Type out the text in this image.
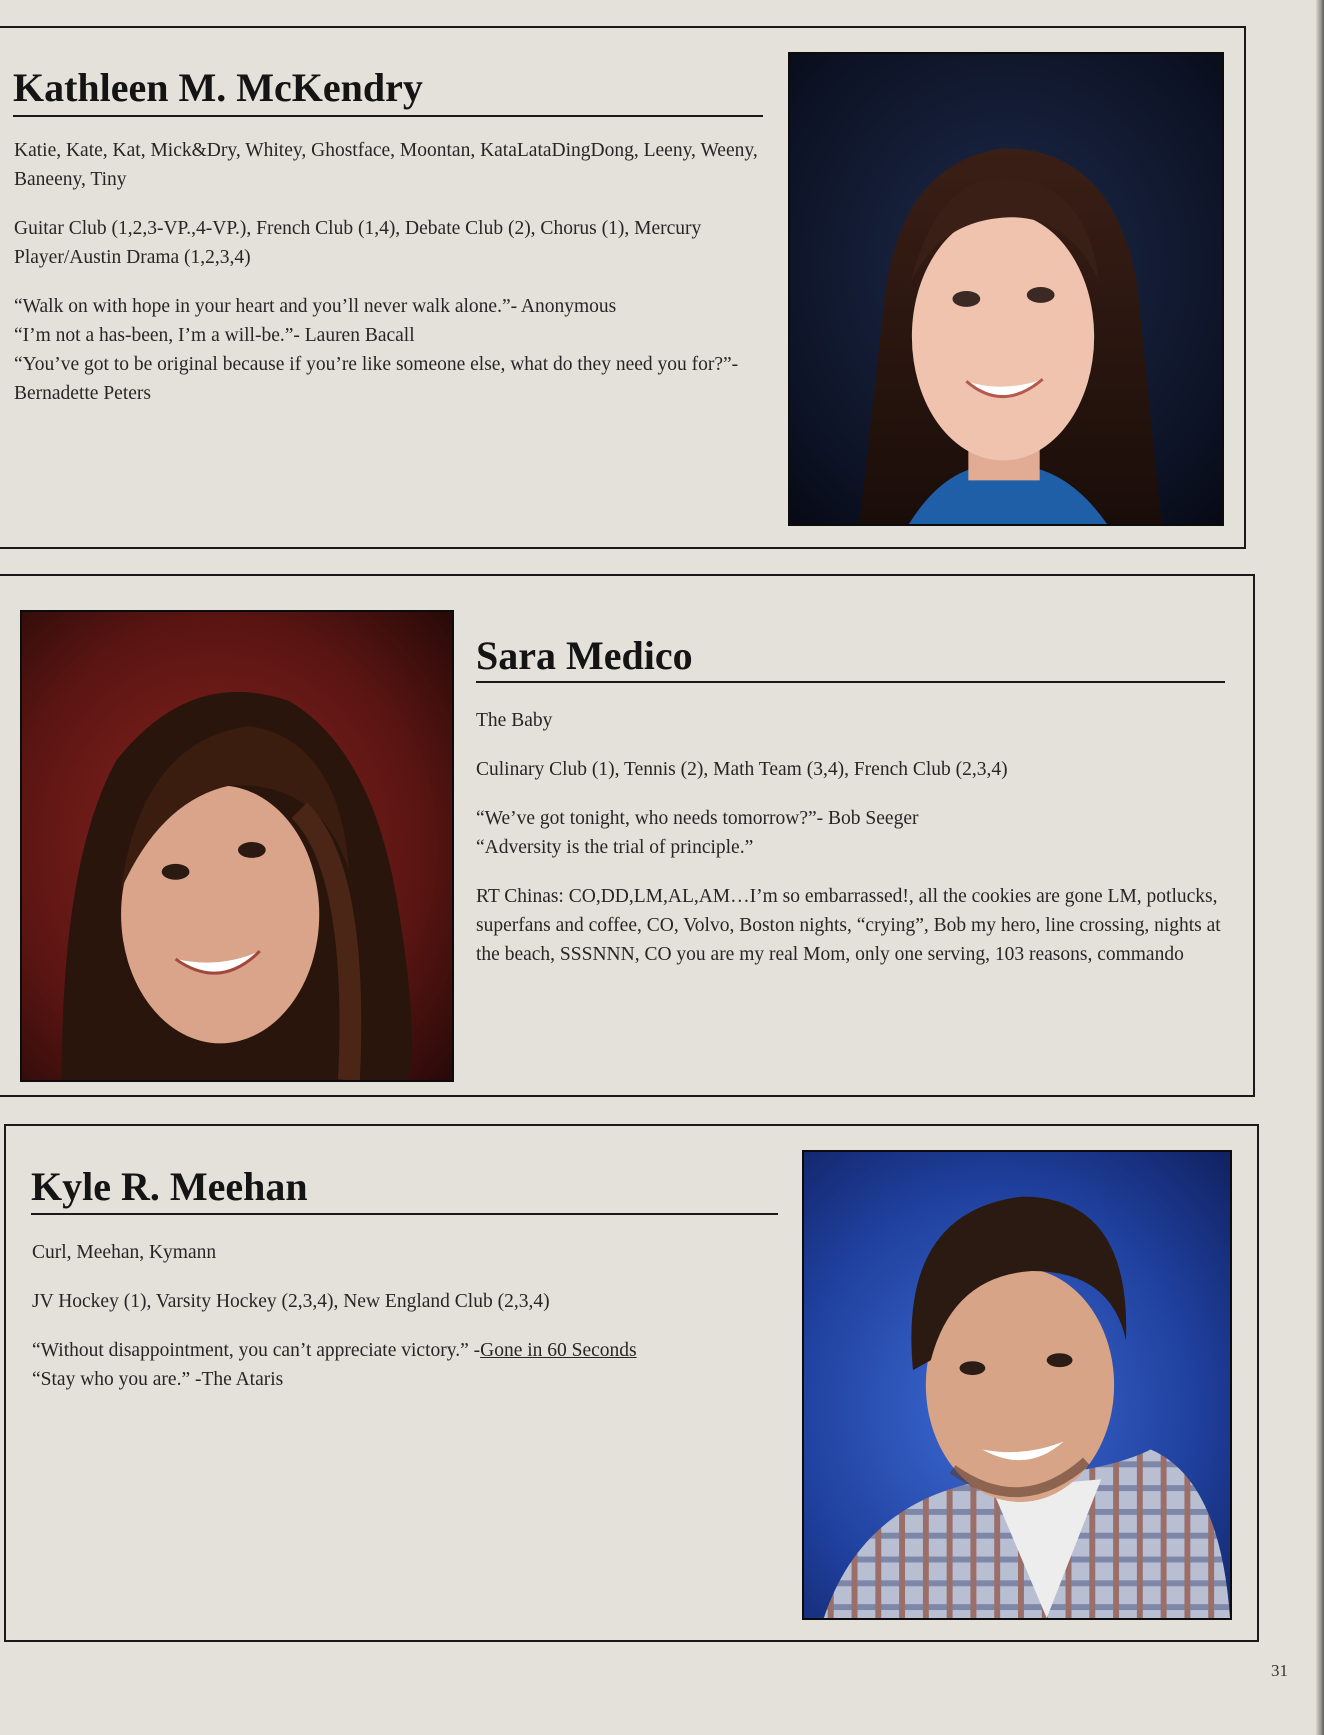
Kathleen M. McKendry

Katie, Kate, Kat, Mick&Dry, Whitey, Ghostface, Moontan, KataLataDingDong, Leeny, Weeny, Baneeny, Tiny

Guitar Club (1,2,3-VP.,4-VP.), French Club (1,4), Debate Club (2), Chorus (1), Mercury Player/Austin Drama (1,2,3,4)

“Walk on with hope in your heart and you’ll never walk alone.”- Anonymous

“I’m not a has-been, I’m a will-be.”- Lauren Bacall

“You’ve got to be original because if you’re like someone else, what do they need you for?”- Bernadette Peters

Sara Medico

The Baby

Culinary Club (1), Tennis (2), Math Team (3,4), French Club (2,3,4)

“We’ve got tonight, who needs tomorrow?”- Bob Seeger

“Adversity is the trial of principle.”

RT Chinas: CO,DD,LM,AL,AM…I’m so embarrassed!, all the cookies are gone LM, potlucks, superfans and coffee, CO, Volvo, Boston nights, “crying”, Bob my hero, line crossing, nights at the beach, SSSNNN, CO you are my real Mom, only one serving, 103 reasons, commando

Kyle R. Meehan

Curl, Meehan, Kymann

JV Hockey (1), Varsity Hockey (2,3,4), New England Club (2,3,4)

“Without disappointment, you can’t appreciate victory.” -Gone in 60 Seconds

“Stay who you are.” -The Ataris

31
